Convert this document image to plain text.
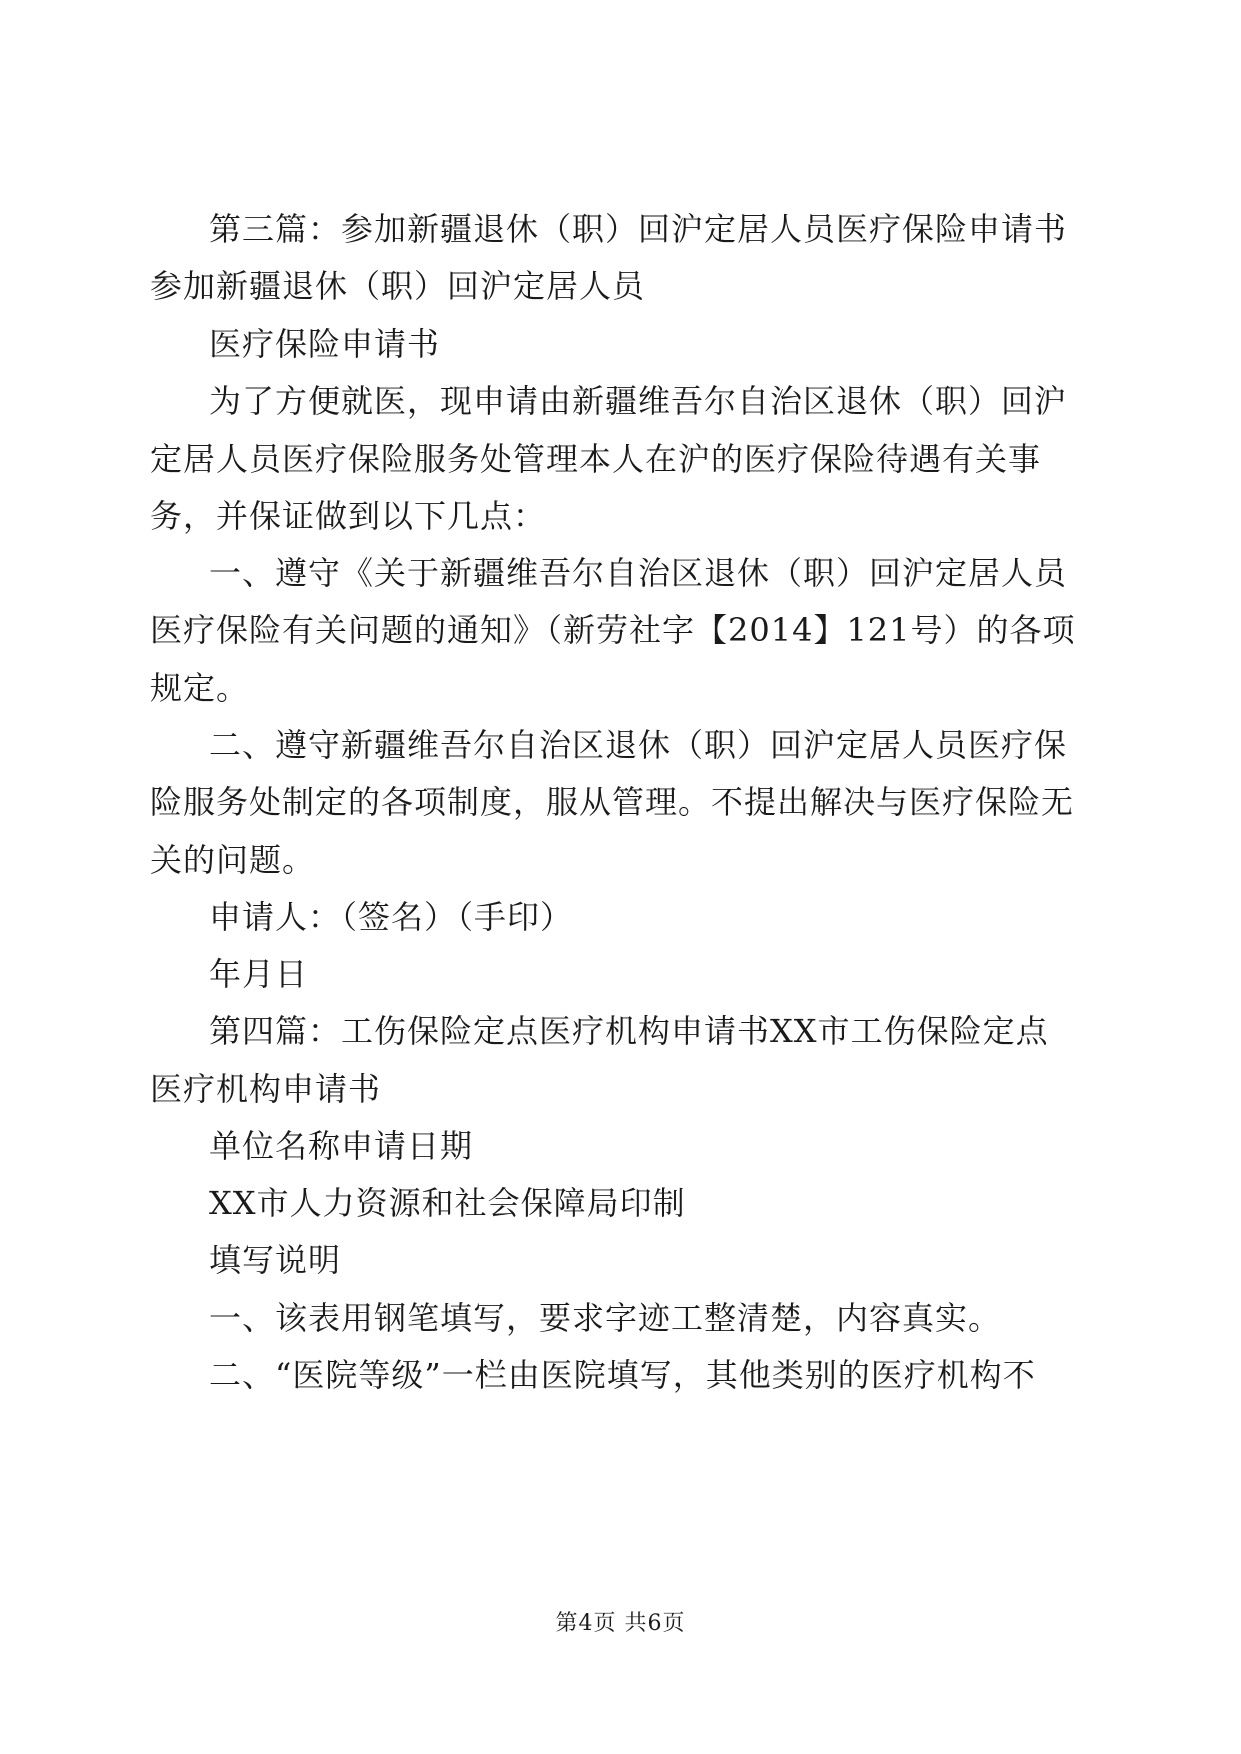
第三篇：参加新疆退休（职）回沪定居人员医疗保险申请书
参加新疆退休（职）回沪定居人员
医疗保险申请书
为了方便就医，现申请由新疆维吾尔自治区退休（职）回沪
定居人员医疗保险服务处管理本人在沪的医疗保险待遇有关事
务，并保证做到以下几点：
一、遵守《关于新疆维吾尔自治区退休（职）回沪定居人员
医疗保险有关问题的通知》（新劳社字【2014】121号）的各项
规定。
二、遵守新疆维吾尔自治区退休（职）回沪定居人员医疗保
险服务处制定的各项制度，服从管理。不提出解决与医疗保险无
关的问题。
申请人：（签名）（手印）
年月日
第四篇：工伤保险定点医疗机构申请书XX市工伤保险定点
医疗机构申请书
单位名称申请日期
XX市人力资源和社会保障局印制
填写说明
一、该表用钢笔填写，要求字迹工整清楚，内容真实。
二、“医院等级”一栏由医院填写，其他类别的医疗机构不
第4页 共6页
